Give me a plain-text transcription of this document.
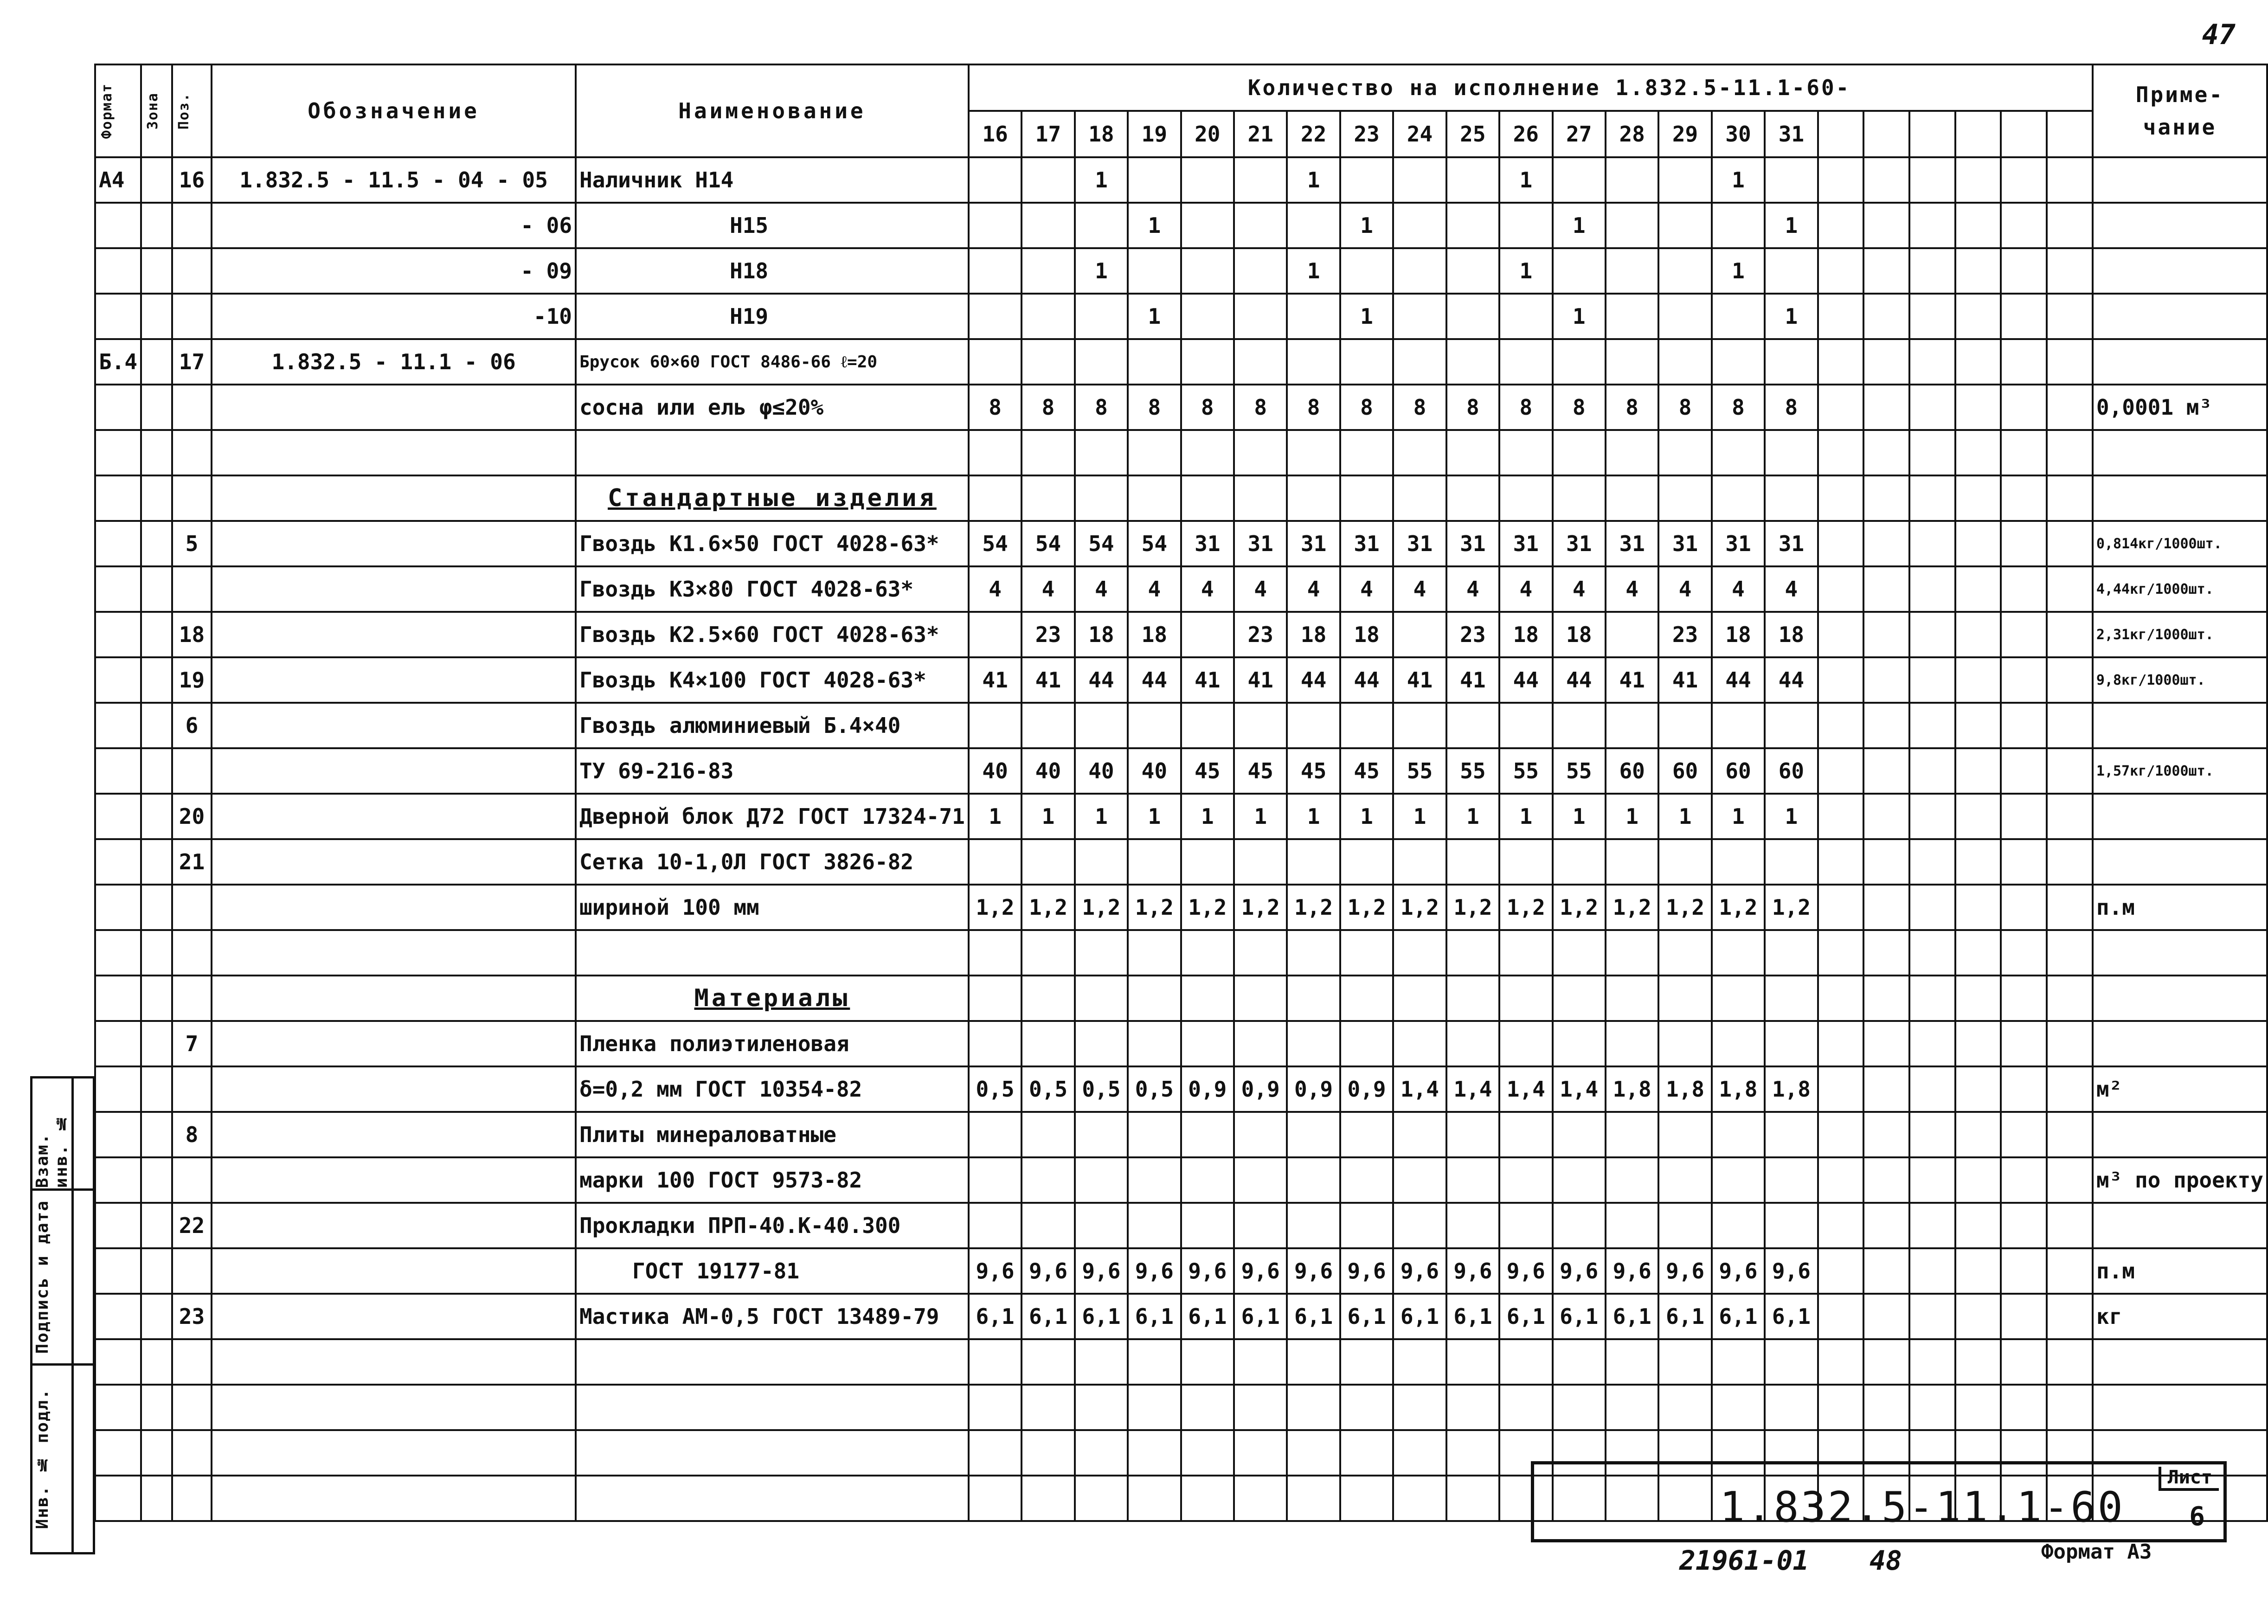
47
Взам. инв. №	

Подпись и дата	

Инв. № подл.	

Формат	Зона	Поз.	Обозначение	Наименование	Количество на исполнение 1.832.5-11.1-60-																						Приме-
чание
					16	17	18	19	20	21	22	23	24	25	26	27	28	29	30	31							
А4		16	1.832.5 - 11.5 - 04 - 05	Наличник Н14			1				1				1				1								
			- 06	Н15				1				1				1				1							
			- 09	Н18			1				1				1				1								
			-10	Н19				1				1				1				1							
Б.4		17	1.832.5 - 11.1 - 06	Брусок 60×60 ГОСТ 8486-66 ℓ=20																							
				сосна или ель φ≤20%	8	8	8	8	8	8	8	8	8	8	8	8	8	8	8	8							0,0001 м³

				Стандартные изделия																							
		5		Гвоздь К1.6×50 ГОСТ 4028-63*	54	54	54	54	31	31	31	31	31	31	31	31	31	31	31	31							0,814кг/1000шт.
				Гвоздь К3×80 ГОСТ 4028-63*	4	4	4	4	4	4	4	4	4	4	4	4	4	4	4	4							4,44кг/1000шт.
		18		Гвоздь К2.5×60 ГОСТ 4028-63*		23	18	18		23	18	18		23	18	18		23	18	18							2,31кг/1000шт.
		19		Гвоздь К4×100 ГОСТ 4028-63*	41	41	44	44	41	41	44	44	41	41	44	44	41	41	44	44							9,8кг/1000шт.
		6		Гвоздь алюминиевый Б.4×40																							
				ТУ 69-216-83	40	40	40	40	45	45	45	45	55	55	55	55	60	60	60	60							1,57кг/1000шт.
		20		Дверной блок Д72 ГОСТ 17324-71	1	1	1	1	1	1	1	1	1	1	1	1	1	1	1	1							
		21		Сетка 10-1,0Л ГОСТ 3826-82																							
				шириной 100 мм	1,2	1,2	1,2	1,2	1,2	1,2	1,2	1,2	1,2	1,2	1,2	1,2	1,2	1,2	1,2	1,2							п.м

				Материалы																							
		7		Пленка полиэтиленовая																							
				δ=0,2 мм ГОСТ 10354-82	0,5	0,5	0,5	0,5	0,9	0,9	0,9	0,9	1,4	1,4	1,4	1,4	1,8	1,8	1,8	1,8							м²
		8		Плиты минераловатные																							
				марки 100 ГОСТ 9573-82																							м³ по проекту
		22		Прокладки ПРП-40.К-40.300																							
				ГОСТ 19177-81	9,6	9,6	9,6	9,6	9,6	9,6	9,6	9,6	9,6	9,6	9,6	9,6	9,6	9,6	9,6	9,6							п.м
		23		Мастика АМ-0,5 ГОСТ 13489-79	6,1	6,1	6,1	6,1	6,1	6,1	6,1	6,1	6,1	6,1	6,1	6,1	6,1	6,1	6,1	6,1							кг

1.832.5-11.1-60
Лист
6
21961-01 48	Формат А3
